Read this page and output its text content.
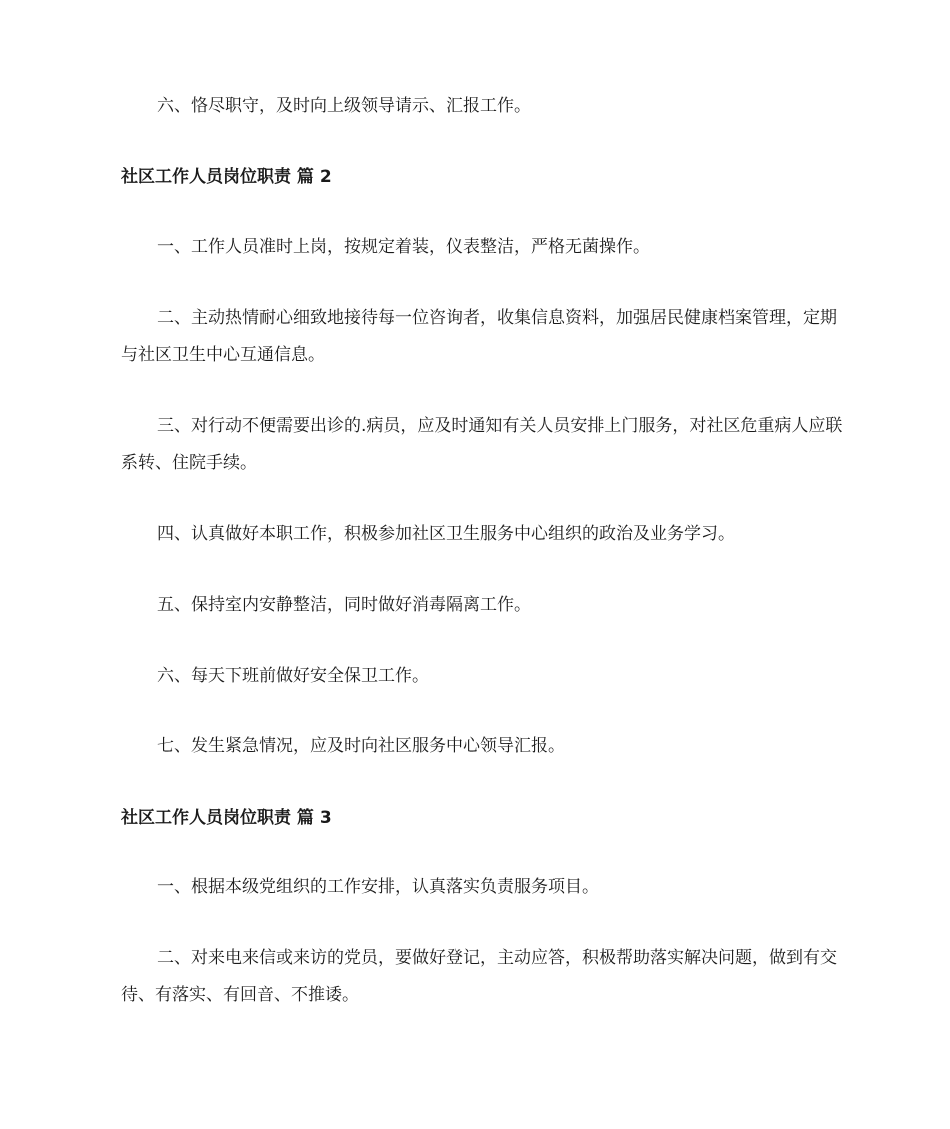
六、恪尽职守，及时向上级领导请示、汇报工作。

社区工作人员岗位职责 篇 2

一、工作人员准时上岗，按规定着装，仪表整洁，严格无菌操作。

二、主动热情耐心细致地接待每一位咨询者，收集信息资料，加强居民健康档案管理，定期与社区卫生中心互通信息。

三、对行动不便需要出诊的.病员，应及时通知有关人员安排上门服务，对社区危重病人应联系转、住院手续。

四、认真做好本职工作，积极参加社区卫生服务中心组织的政治及业务学习。

五、保持室内安静整洁，同时做好消毒隔离工作。

六、每天下班前做好安全保卫工作。

七、发生紧急情况，应及时向社区服务中心领导汇报。

社区工作人员岗位职责 篇 3

一、根据本级党组织的工作安排，认真落实负责服务项目。

二、对来电来信或来访的党员，要做好登记，主动应答，积极帮助落实解决问题，做到有交待、有落实、有回音、不推诿。
